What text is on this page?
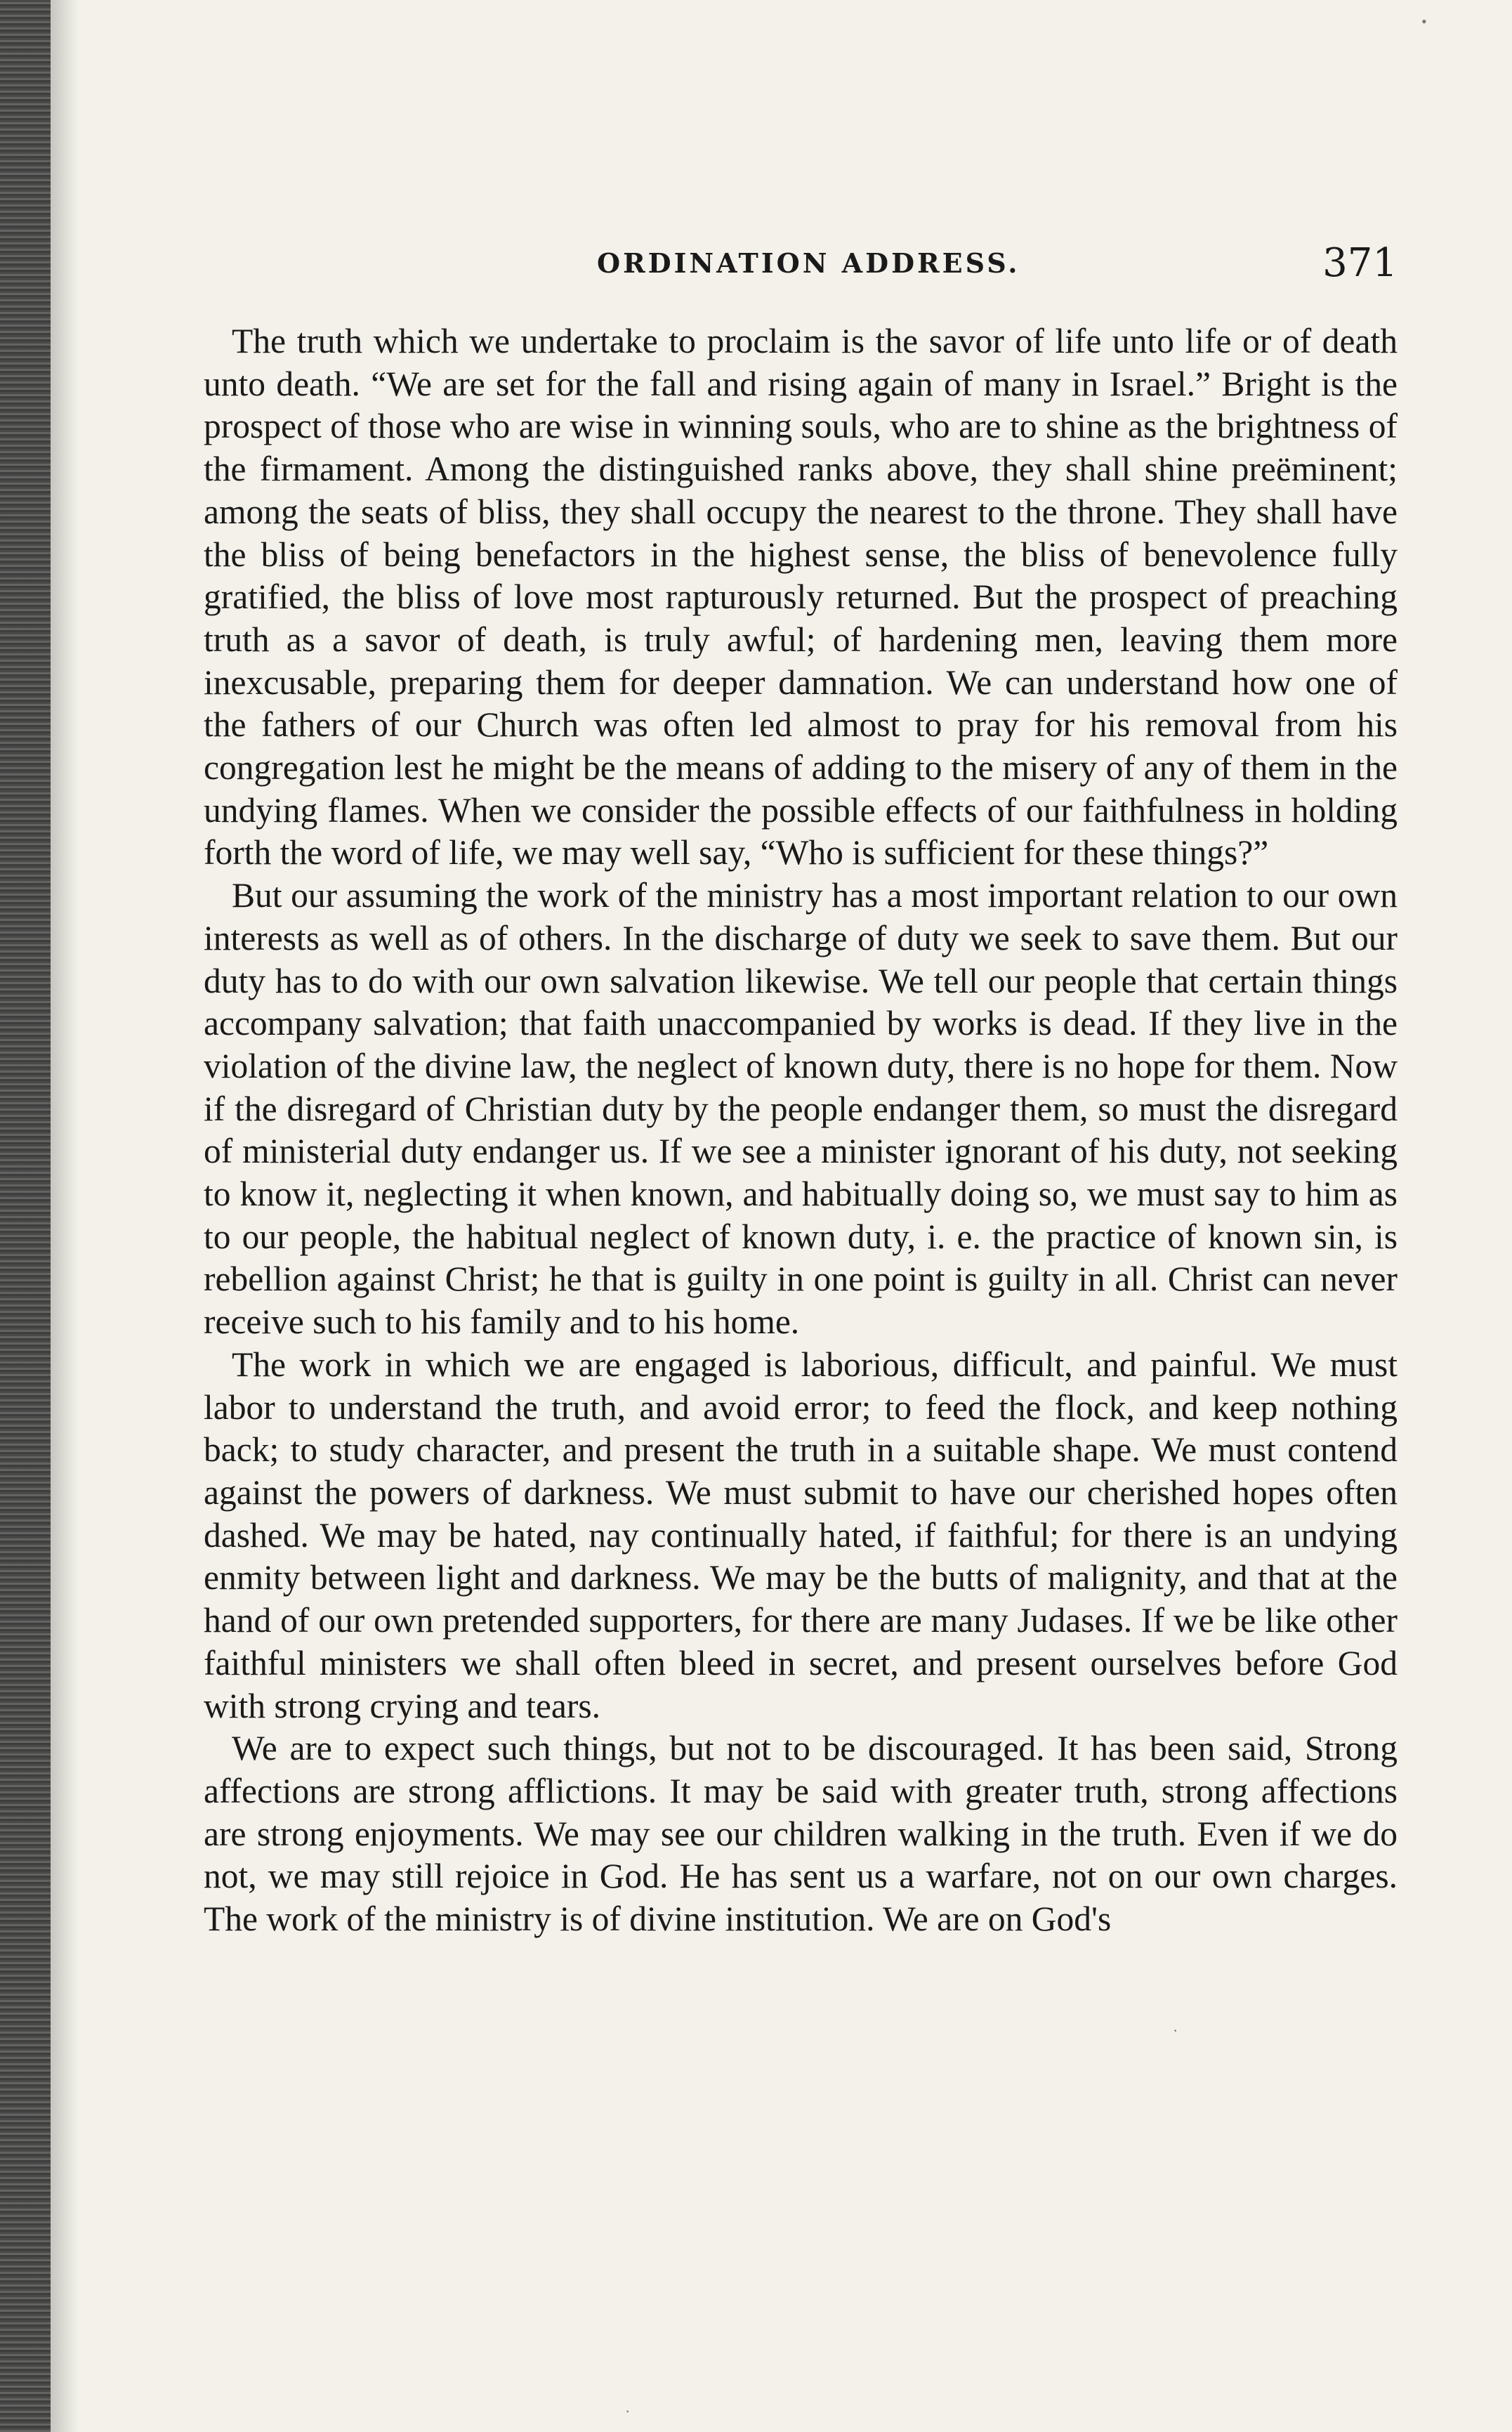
•
·
·
ORDINATION ADDRESS.	371

The truth which we undertake to proclaim is the savor of life unto life or of death unto death. “We are set for the fall and rising again of many in Israel.” Bright is the prospect of those who are wise in winning souls, who are to shine as the brightness of the firmament. Among the distinguished ranks above, they shall shine preëminent; among the seats of bliss, they shall occupy the nearest to the throne. They shall have the bliss of being benefactors in the highest sense, the bliss of benevolence fully gratified, the bliss of love most rapturously returned. But the prospect of preaching truth as a savor of death, is truly awful; of hardening men, leaving them more inexcusable, preparing them for deeper damnation. We can understand how one of the fathers of our Church was often led almost to pray for his removal from his congregation lest he might be the means of adding to the misery of any of them in the undying flames. When we consider the possible effects of our faithfulness in holding forth the word of life, we may well say, “Who is sufficient for these things?”

But our assuming the work of the ministry has a most important relation to our own interests as well as of others. In the discharge of duty we seek to save them. But our duty has to do with our own salvation likewise. We tell our people that certain things accompany salvation; that faith unaccompanied by works is dead. If they live in the violation of the divine law, the neglect of known duty, there is no hope for them. Now if the disregard of Christian duty by the people endanger them, so must the disregard of ministerial duty endanger us. If we see a minister ignorant of his duty, not seeking to know it, neglecting it when known, and habitually doing so, we must say to him as to our people, the habitual neglect of known duty, i. e. the practice of known sin, is rebellion against Christ; he that is guilty in one point is guilty in all. Christ can never receive such to his family and to his home.

The work in which we are engaged is laborious, difficult, and painful. We must labor to understand the truth, and avoid error; to feed the flock, and keep nothing back; to study character, and present the truth in a suitable shape. We must contend against the powers of darkness. We must submit to have our cherished hopes often dashed. We may be hated, nay continually hated, if faithful; for there is an undying enmity between light and darkness. We may be the butts of malignity, and that at the hand of our own pretended supporters, for there are many Judases. If we be like other faithful ministers we shall often bleed in secret, and present ourselves before God with strong crying and tears.

We are to expect such things, but not to be discouraged. It has been said, Strong affections are strong afflictions. It may be said with greater truth, strong affections are strong enjoyments. We may see our children walking in the truth. Even if we do not, we may still rejoice in God. He has sent us a warfare, not on our own charges. The work of the ministry is of divine institution. We are on God's
